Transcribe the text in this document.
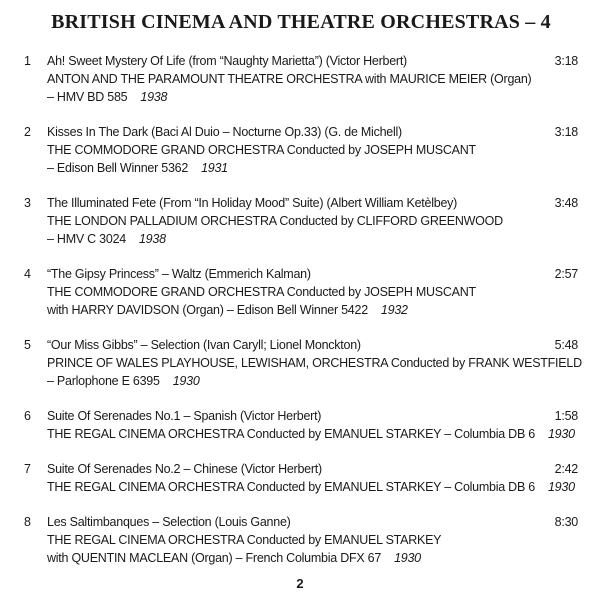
BRITISH CINEMA AND THEATRE ORCHESTRAS – 4
1	Ah! Sweet Mystery Of Life (from “Naughty Marietta”) (Victor Herbert)	3:18
ANTON AND THE PARAMOUNT THEATRE ORCHESTRA with MAURICE MEIER (Organ)
– HMV BD 585 1938
2	Kisses In The Dark (Baci Al Duio – Nocturne Op.33) (G. de Michell)	3:18
THE COMMODORE GRAND ORCHESTRA Conducted by JOSEPH MUSCANT
– Edison Bell Winner 5362 1931
3	The Illuminated Fete (From “In Holiday Mood” Suite) (Albert William Ketèlbey)	3:48
THE LONDON PALLADIUM ORCHESTRA Conducted by CLIFFORD GREENWOOD
– HMV C 3024 1938
4	“The Gipsy Princess” – Waltz (Emmerich Kalman)	2:57
THE COMMODORE GRAND ORCHESTRA Conducted by JOSEPH MUSCANT
with HARRY DAVIDSON (Organ) – Edison Bell Winner 5422 1932
5	“Our Miss Gibbs” – Selection (Ivan Caryll; Lionel Monckton)	5:48
PRINCE OF WALES PLAYHOUSE, LEWISHAM, ORCHESTRA Conducted by FRANK WESTFIELD
– Parlophone E 6395 1930
6	Suite Of Serenades No.1 – Spanish (Victor Herbert)	1:58
THE REGAL CINEMA ORCHESTRA Conducted by EMANUEL STARKEY – Columbia DB 6 1930
7	Suite Of Serenades No.2 – Chinese (Victor Herbert)	2:42
THE REGAL CINEMA ORCHESTRA Conducted by EMANUEL STARKEY – Columbia DB 6 1930
8	Les Saltimbanques – Selection (Louis Ganne)	8:30
THE REGAL CINEMA ORCHESTRA Conducted by EMANUEL STARKEY
with QUENTIN MACLEAN (Organ) – French Columbia DFX 67 1930
2
